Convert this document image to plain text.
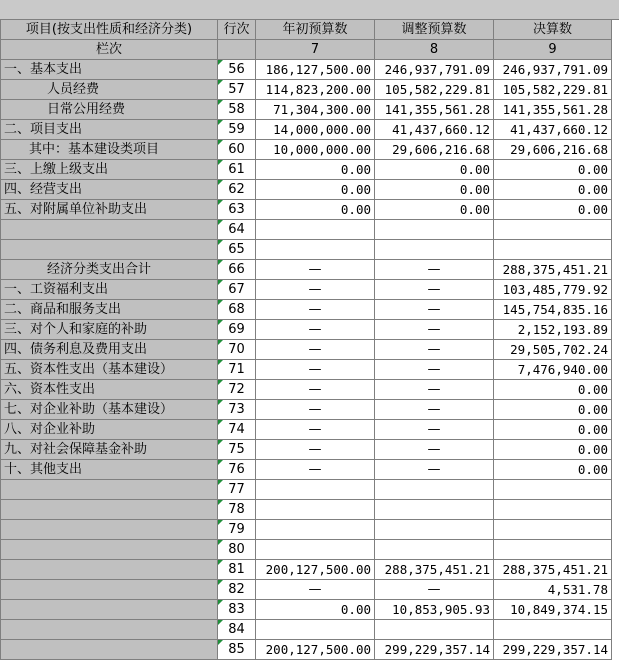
项目(按支出性质和经济分类)	行次	年初预算数	调整预算数	决算数
栏次		7	8	9
一、基本支出	56	186,127,500.00	246,937,791.09	246,937,791.09
人员经费	57	114,823,200.00	105,582,229.81	105,582,229.81
日常公用经费	58	71,304,300.00	141,355,561.28	141,355,561.28
二、项目支出	59	14,000,000.00	41,437,660.12	41,437,660.12
其中：基本建设类项目	60	10,000,000.00	29,606,216.68	29,606,216.68
三、上缴上级支出	61	0.00	0.00	0.00
四、经营支出	62	0.00	0.00	0.00
五、对附属单位补助支出	63	0.00	0.00	0.00
	64			
	65			
经济分类支出合计	66	—	—	288,375,451.21
一、工资福利支出	67	—	—	103,485,779.92
二、商品和服务支出	68	—	—	145,754,835.16
三、对个人和家庭的补助	69	—	—	2,152,193.89
四、债务利息及费用支出	70	—	—	29,505,702.24
五、资本性支出（基本建设）	71	—	—	7,476,940.00
六、资本性支出	72	—	—	0.00
七、对企业补助（基本建设）	73	—	—	0.00
八、对企业补助	74	—	—	0.00
九、对社会保障基金补助	75	—	—	0.00
十、其他支出	76	—	—	0.00
	77			
	78			
	79			
	80			
	81	200,127,500.00	288,375,451.21	288,375,451.21
	82	—	—	4,531.78
	83	0.00	10,853,905.93	10,849,374.15
	84			
	85	200,127,500.00	299,229,357.14	299,229,357.14
